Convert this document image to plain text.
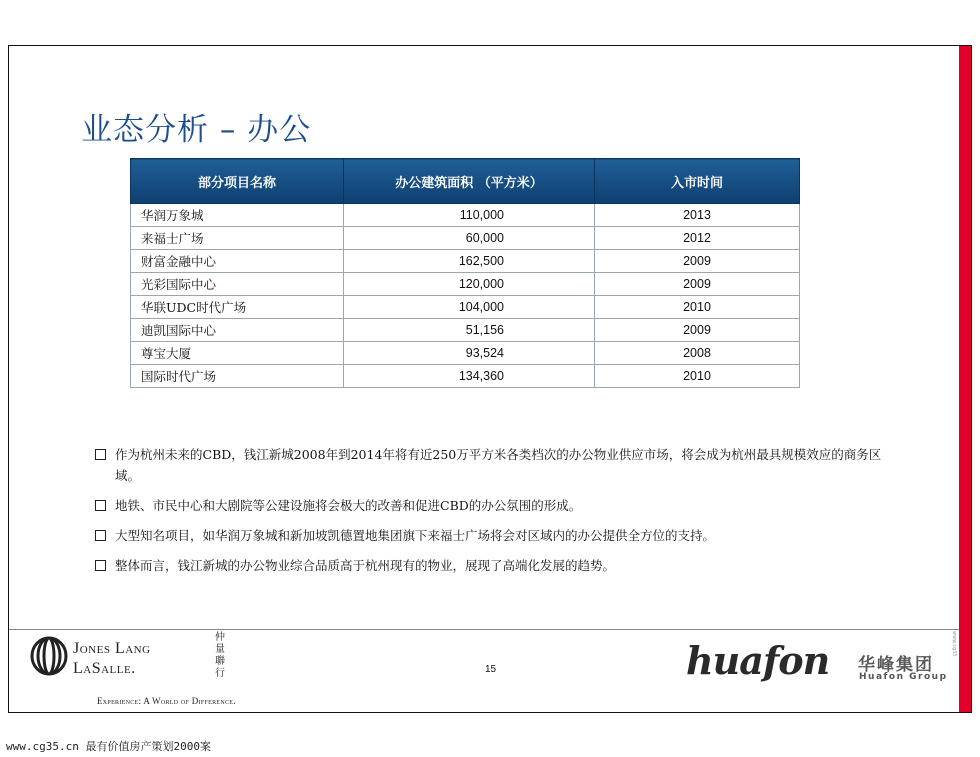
www.cg35
业态分析 – 办公
部分项目名称	办公建筑面积 （平方米）	入市时间
华润万象城	110,000	2013
来福士广场	60,000	2012
财富金融中心	162,500	2009
光彩国际中心	120,000	2009
华联UDC时代广场	104,000	2010
迪凯国际中心	51,156	2009
尊宝大厦	93,524	2008
国际时代广场	134,360	2010
作为杭州未来的CBD，钱江新城2008年到2014年将有近250万平方米各类档次的办公物业供应市场，将会成为杭州最具规模效应的商务区域。
地铁、市民中心和大剧院等公建设施将会极大的改善和促进CBD的办公氛围的形成。
大型知名项目，如华润万象城和新加坡凯德置地集团旗下来福士广场将会对区域内的办公提供全方位的支持。
整体而言，钱江新城的办公物业综合品质高于杭州现有的物业，展现了高端化发展的趋势。
Jones Lang
LaSalle.
仲量聯行
Experience: A World of Difference.
15	huafon 华峰集团
Huafon Group
www.cg35.cn 最有价值房产策划2000案
